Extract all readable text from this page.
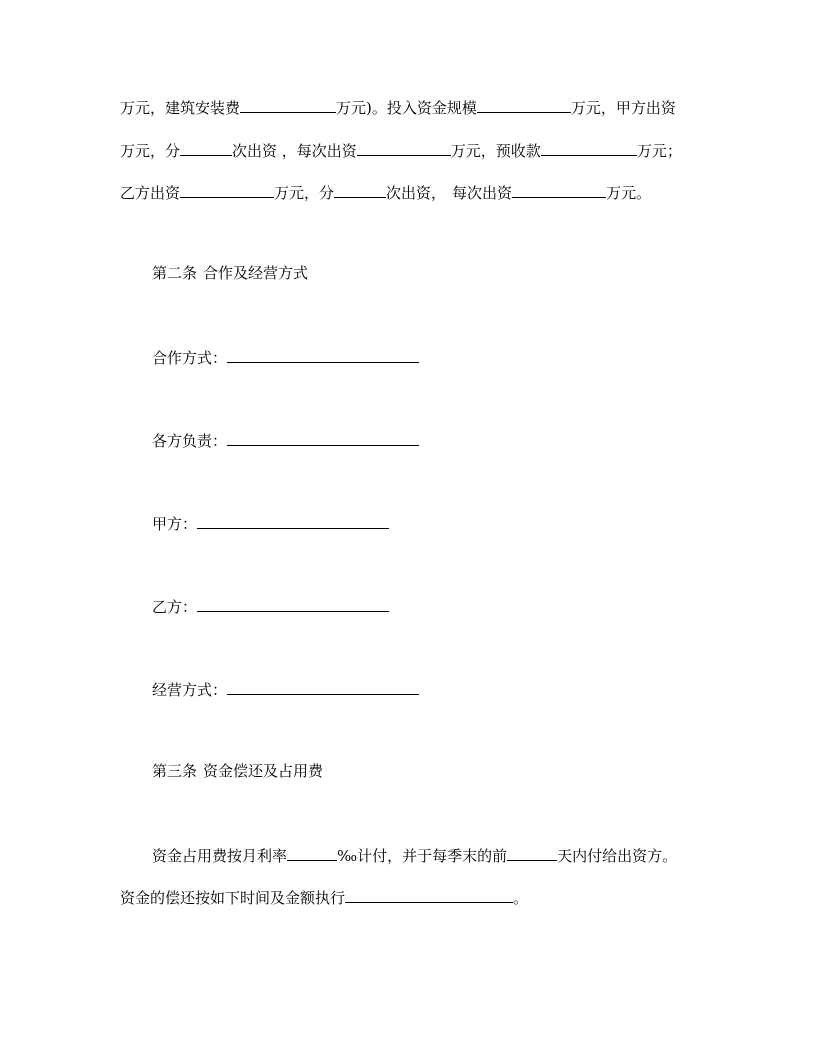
万元，建筑安装费	万元)。投入资金规模	万元，甲方出资
万元，分	次出资 ，每次出资	万元，预收款	万元；
乙方出资	万元，分	次出资， 每次出资	万元。
第二条 合作及经营方式
合作方式：
各方负责：
甲方：
乙方：
经营方式：
第三条 资金偿还及占用费
资金占用费按月利率	‰计付，并于每季末的前	天内付给出资方。
资金的偿还按如下时间及金额执行	。
